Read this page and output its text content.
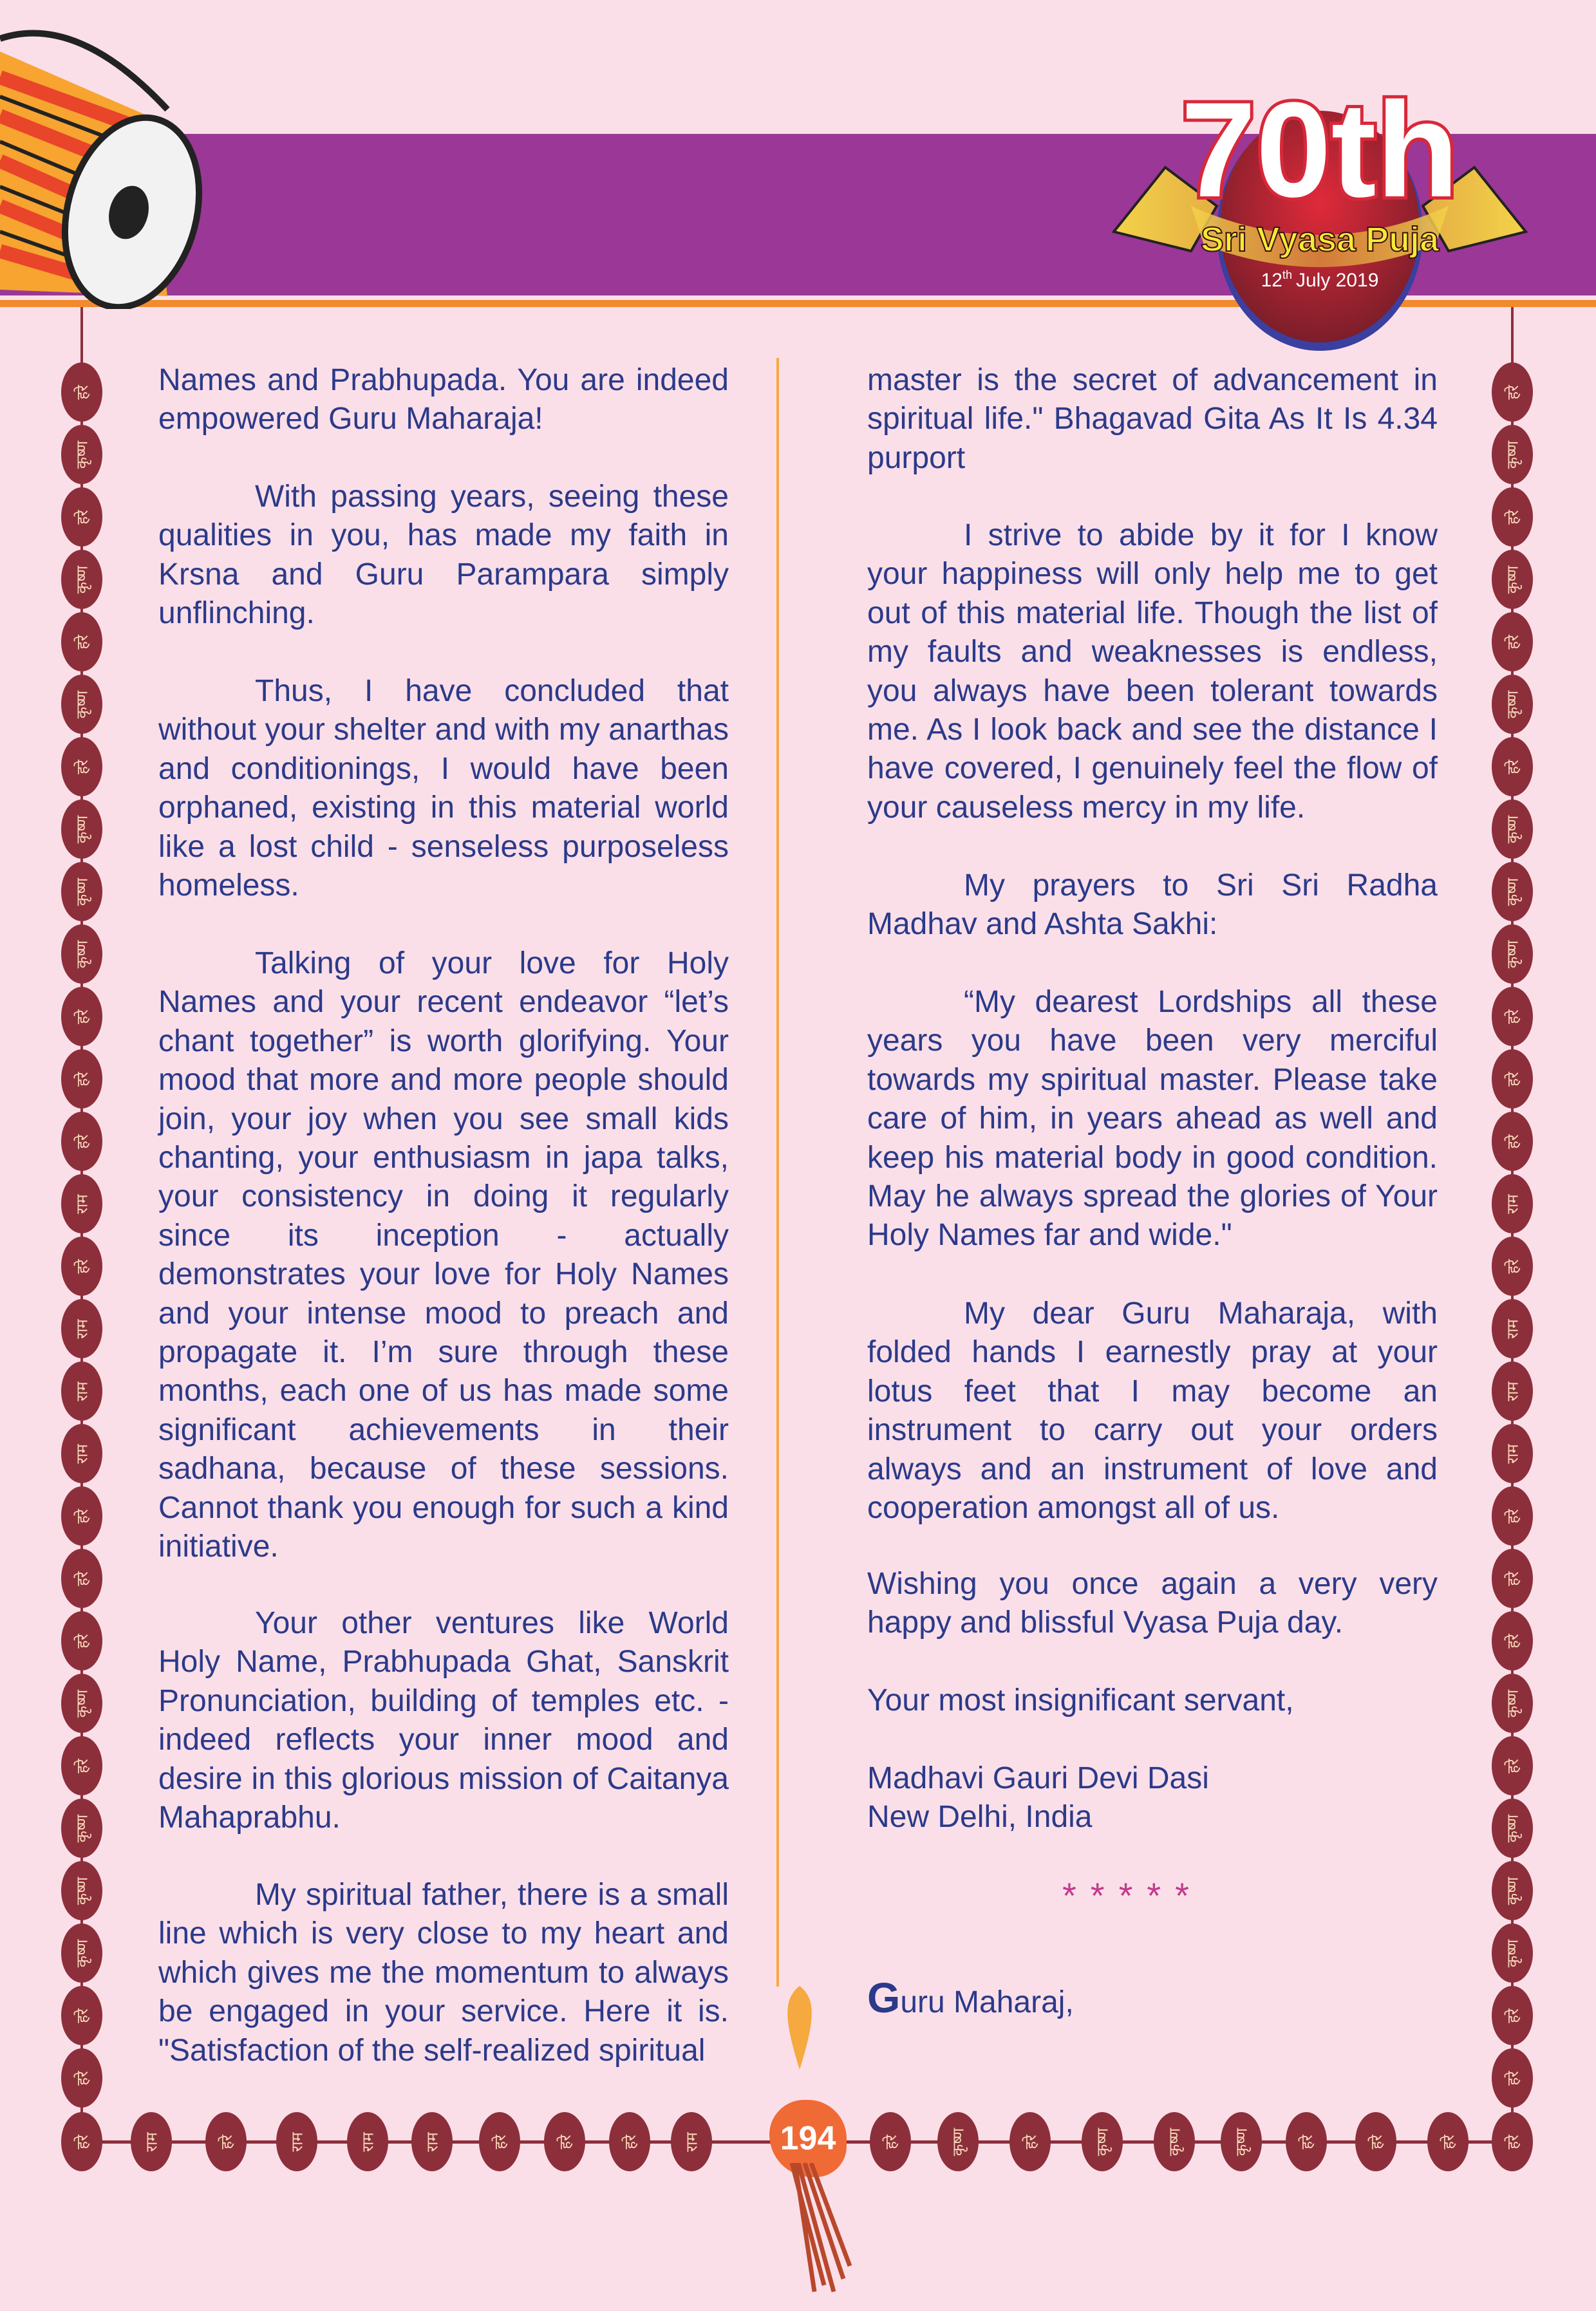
70th
Sri Vyasa Puja
12th July 2019
हरे	हरे
कृष्ण	कृष्ण
हरे	हरे
कृष्ण	कृष्ण
हरे	हरे
कृष्ण	कृष्ण
हरे	हरे
कृष्ण	कृष्ण
कृष्ण	कृष्ण
कृष्ण	कृष्ण
हरे	हरे
हरे	हरे
हरे	हरे
राम	राम
हरे	हरे
राम	राम
राम	राम
राम	राम
हरे	हरे
हरे	हरे
हरे	हरे
कृष्ण	कृष्ण
हरे	हरे
कृष्ण	कृष्ण
कृष्ण	कृष्ण
कृष्ण	कृष्ण
हरे	हरे
हरे	हरे
हरे	राम	हरे	राम	राम	राम	हरे	हरे	हरे	राम	हरे	कृष्ण	हरे	कृष्ण	कृष्ण	कृष्ण	हरे	हरे	हरे	हरे
194

Names and Prabhupada. You are indeed empowered Guru Maharaja!

With passing years, seeing these qualities in you, has made my faith in Krsna and Guru Parampara simply unflinching.

Thus, I have concluded that without your shelter and with my anarthas and conditionings, I would have been orphaned, existing in this material world like a lost child - senseless purposeless homeless.

Talking of your love for Holy Names and your recent endeavor “let’s chant together” is worth glorifying. Your mood that more and more people should join, your joy when you see small kids chanting, your enthusiasm in japa talks, your consistency in doing it regularly since its inception - actually demonstrates your love for Holy Names and your intense mood to preach and propagate it. I’m sure through these months, each one of us has made some significant achievements in their sadhana, because of these sessions. Cannot thank you enough for such a kind initiative.

Your other ventures like World Holy Name, Prabhupada Ghat, Sanskrit Pronunciation, building of temples etc. - indeed reflects your inner mood and desire in this glorious mission of Caitanya Mahaprabhu.

My spiritual father, there is a small line which is very close to my heart and which gives me the momentum to always be engaged in your service. Here it is. "Satisfaction of the self-realized spiritual

master is the secret of advancement in spiritual life." Bhagavad Gita As It Is 4.34 purport

I strive to abide by it for I know your happiness will only help me to get out of this material life. Though the list of my faults and weaknesses is endless, you always have been tolerant towards me. As I look back and see the distance I have covered, I genuinely feel the flow of your causeless mercy in my life.

My prayers to Sri Sri Radha Madhav and Ashta Sakhi:

“My dearest Lordships all these years you have been very merciful towards my spiritual master. Please take care of him, in years ahead as well and keep his material body in good condition. May he always spread the glories of Your Holy Names far and wide."

My dear Guru Maharaja, with folded hands I earnestly pray at your lotus feet that I may become an instrument to carry out your orders always and an instrument of love and cooperation amongst all of us.

Wishing you once again a very very happy and blissful Vyasa Puja day.

Your most insignificant servant,

Madhavi Gauri Devi Dasi

New Delhi, India

*****
Guru Maharaj,
